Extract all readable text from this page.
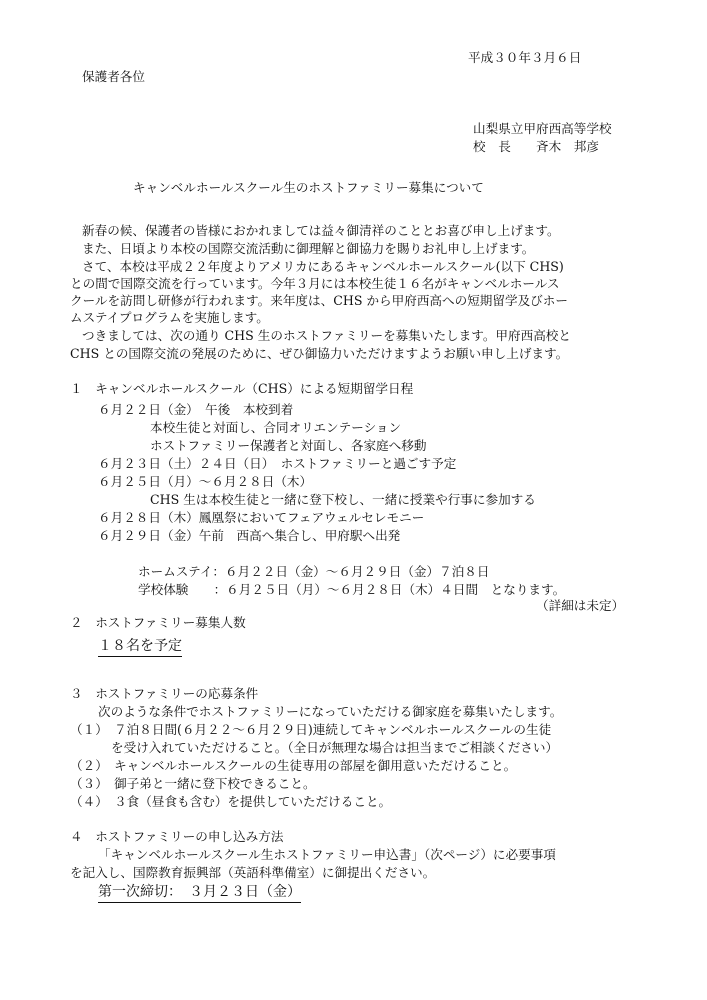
平成３０年３月６日
保護者各位
山梨県立甲府西高等学校
校　長　　斉木　邦彦
キャンベルホールスクール生のホストファミリー募集について
新春の候、保護者の皆様におかれましては益々御清祥のこととお喜び申し上げます。
また、日頃より本校の国際交流活動に御理解と御協力を賜りお礼申し上げます。
さて、本校は平成２２年度よりアメリカにあるキャンベルホールスクール(以下 CHS)
との間で国際交流を行っています。今年３月には本校生徒１６名がキャンベルホールス
クールを訪問し研修が行われます。来年度は、CHS から甲府西高への短期留学及びホー
ムステイプログラムを実施します。
つきましては、次の通り CHS 生のホストファミリーを募集いたします。甲府西高校と
CHS との国際交流の発展のために、ぜひ御協力いただけますようお願い申し上げます。
１　キャンベルホールスクール（CHS）による短期留学日程
６月２２日（金）　午後　本校到着
本校生徒と対面し、合同オリエンテーション
ホストファミリー保護者と対面し、各家庭へ移動
６月２３日（土）２４日（日）　ホストファミリーと過ごす予定
６月２５日（月）～６月２８日（木）
CHS 生は本校生徒と一緒に登下校し、一緒に授業や行事に参加する
６月２８日（木）鳳凰祭においてフェアウェルセレモニー
６月２９日（金）午前　西高へ集合し、甲府駅へ出発
ホームステイ：６月２２日（金）～６月２９日（金）７泊８日
学校体験　　：６月２５日（月）～６月２８日（木）４日間　となります。
（詳細は未定）
２　ホストファミリー募集人数
１８名を予定
３　ホストファミリーの応募条件
次のような条件でホストファミリーになっていただける御家庭を募集いたします。
（１）　７泊８日間(６月２２～６月２９日)連続してキャンベルホールスクールの生徒
を受け入れていただけること。（全日が無理な場合は担当までご相談ください）
（２）　キャンベルホールスクールの生徒専用の部屋を御用意いただけること。
（３）　御子弟と一緒に登下校できること。
（４）　３食（昼食も含む）を提供していただけること。
４　ホストファミリーの申し込み方法
「キャンベルホールスクール生ホストファミリー申込書」（次ページ）に必要事項
を記入し、国際教育振興部（英語科準備室）に御提出ください。
第一次締切：　３月２３日（金）
